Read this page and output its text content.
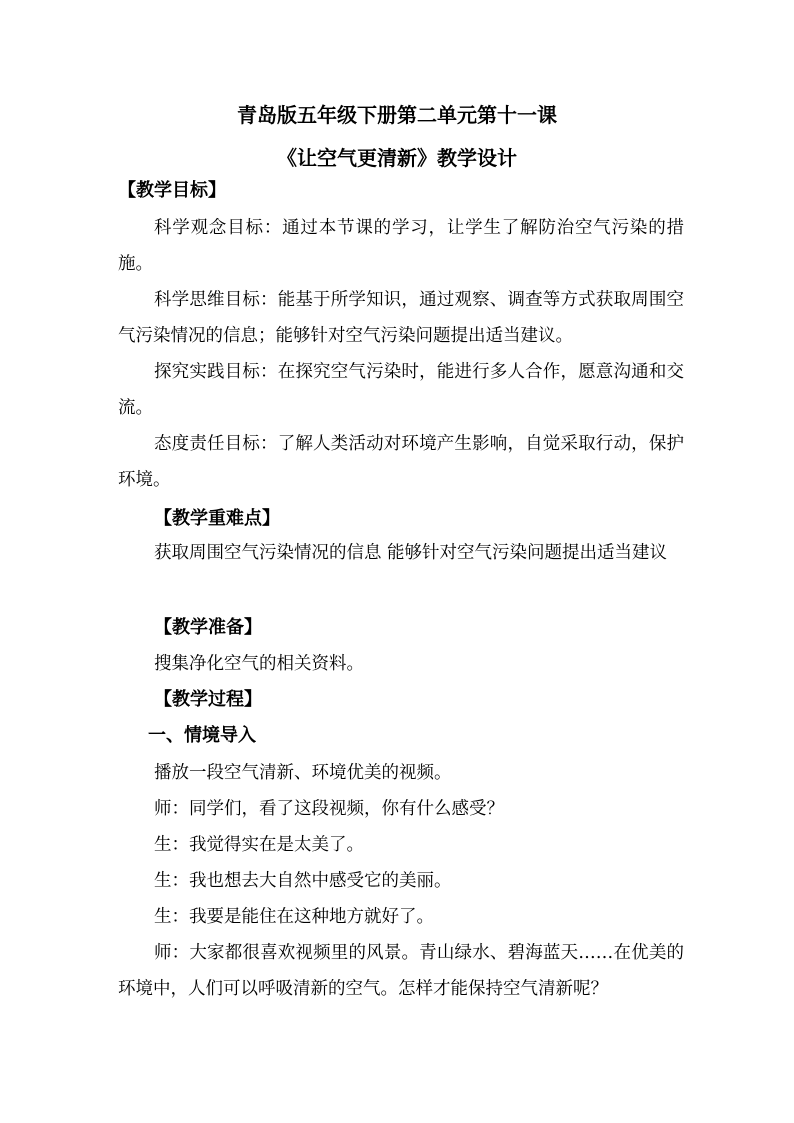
青岛版五年级下册第二单元第十一课
《让空气更清新》教学设计
【教学目标】

科学观念目标：通过本节课的学习，让学生了解防治空气污染的措施。

科学思维目标：能基于所学知识，通过观察、调查等方式获取周围空气污染情况的信息；能够针对空气污染问题提出适当建议。

探究实践目标：在探究空气污染时，能进行多人合作，愿意沟通和交流。

态度责任目标：了解人类活动对环境产生影响，自觉采取行动，保护环境。

【教学重难点】

获取周围空气污染情况的信息 能够针对空气污染问题提出适当建议

【教学准备】

搜集净化空气的相关资料。

【教学过程】
一、情境导入

播放一段空气清新、环境优美的视频。

师：同学们，看了这段视频，你有什么感受？

生：我觉得实在是太美了。

生：我也想去大自然中感受它的美丽。

生：我要是能住在这种地方就好了。

师：大家都很喜欢视频里的风景。青山绿水、碧海蓝天……在优美的环境中，人们可以呼吸清新的空气。怎样才能保持空气清新呢？
